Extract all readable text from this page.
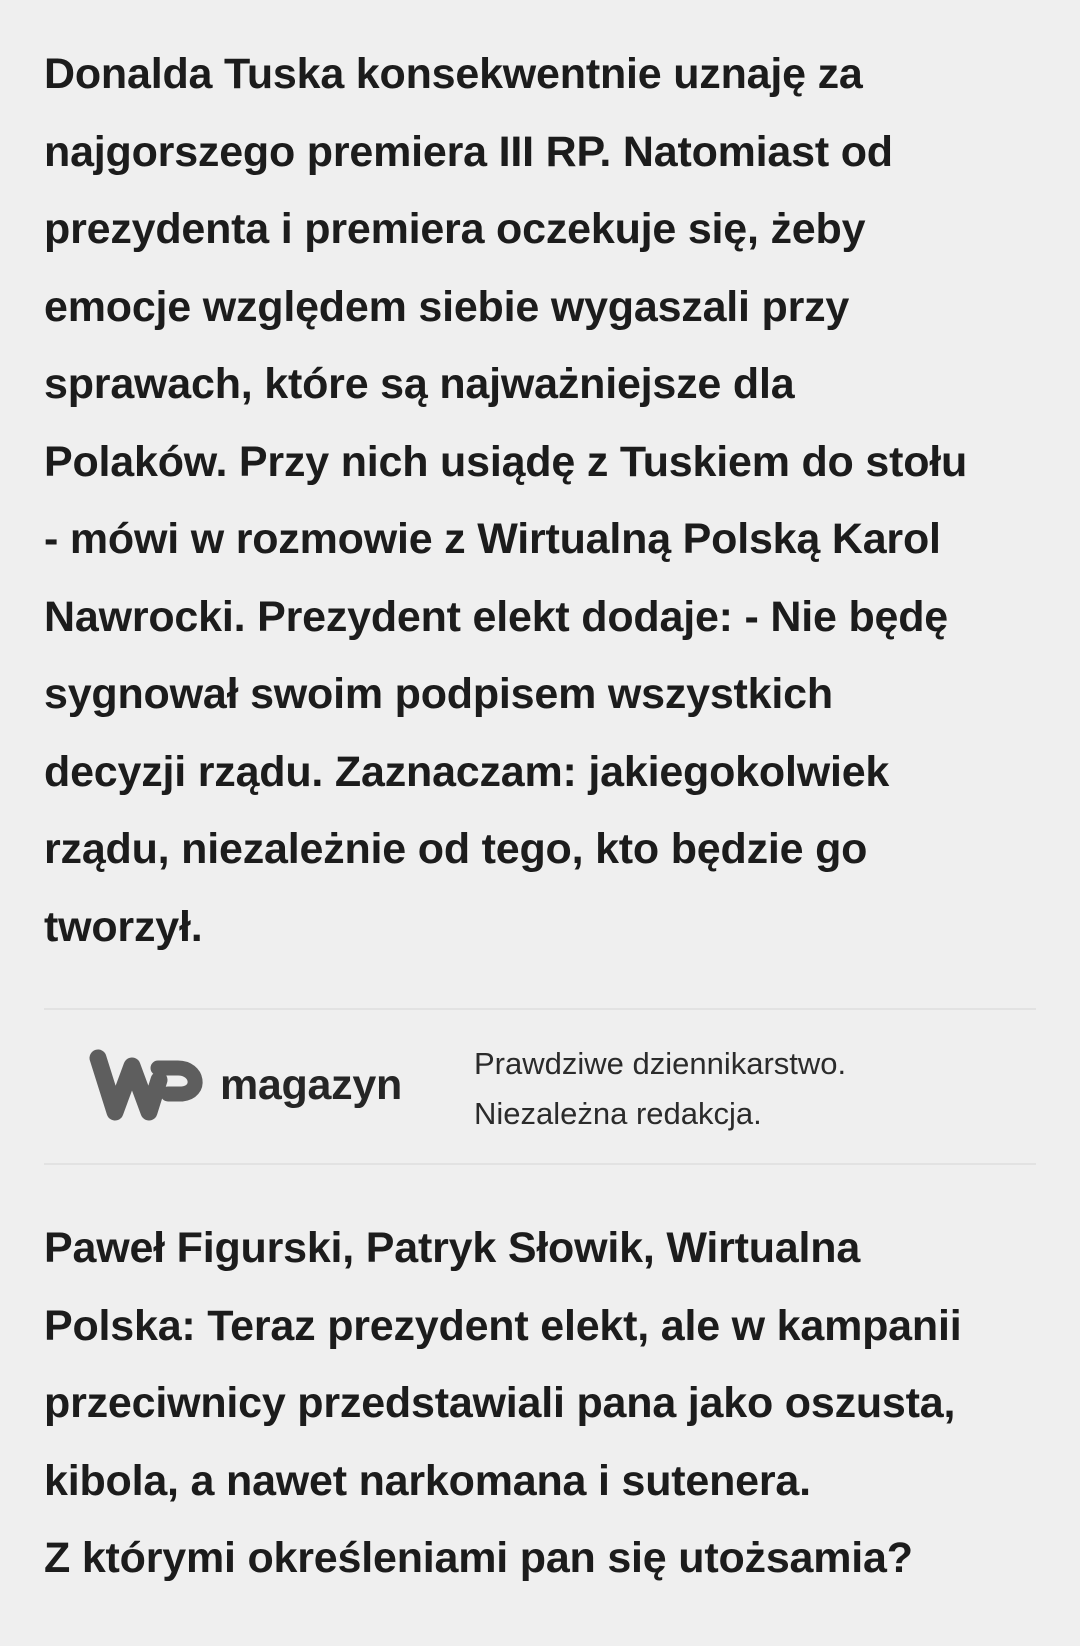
Donalda Tuska konsekwentnie uznaję za
najgorszego premiera III RP. Natomiast od
prezydenta i premiera oczekuje się, żeby
emocje względem siebie wygaszali przy
sprawach, które są najważniejsze dla
Polaków. Przy nich usiądę z Tuskiem do stołu
- mówi w rozmowie z Wirtualną Polską Karol
Nawrocki. Prezydent elekt dodaje: - Nie będę
sygnował swoim podpisem wszystkich
decyzji rządu. Zaznaczam: jakiegokolwiek
rządu, niezależnie od tego, kto będzie go
tworzył.
magazyn Prawdziwe dziennikarstwo.
Niezależna redakcja.
Paweł Figurski, Patryk Słowik, Wirtualna
Polska: Teraz prezydent elekt, ale w kampanii
przeciwnicy przedstawiali pana jako oszusta,
kibola, a nawet narkomana i sutenera.
Z którymi określeniami pan się utożsamia?
